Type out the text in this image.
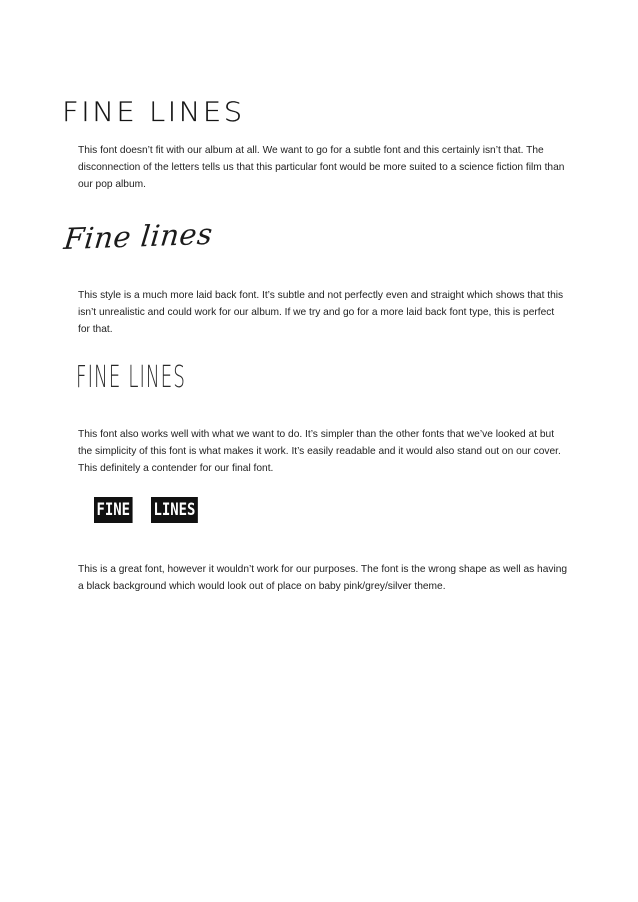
FINE LINES

This font doesn’t fit with our album at all. We want to go for a subtle font and this certainly isn’t that. The disconnection of the letters tells us that this particular font would be more suited to a science fiction film than our pop album.

Fine lines

This style is a much more laid back font. It’s subtle and not perfectly even and straight which shows that this isn’t unrealistic and could work for our album. If we try and go for a more laid back font type, this is perfect for that.

FINE LINES

This font also works well with what we want to do. It’s simpler than the other fonts that we’ve looked at but the simplicity of this font is what makes it work. It’s easily readable and it would also stand out on our cover. This definitely a contender for our final font.

FINE LINES

This is a great font, however it wouldn’t work for our purposes. The font is the wrong shape as well as having a black background which would look out of place on baby pink/grey/silver theme.
